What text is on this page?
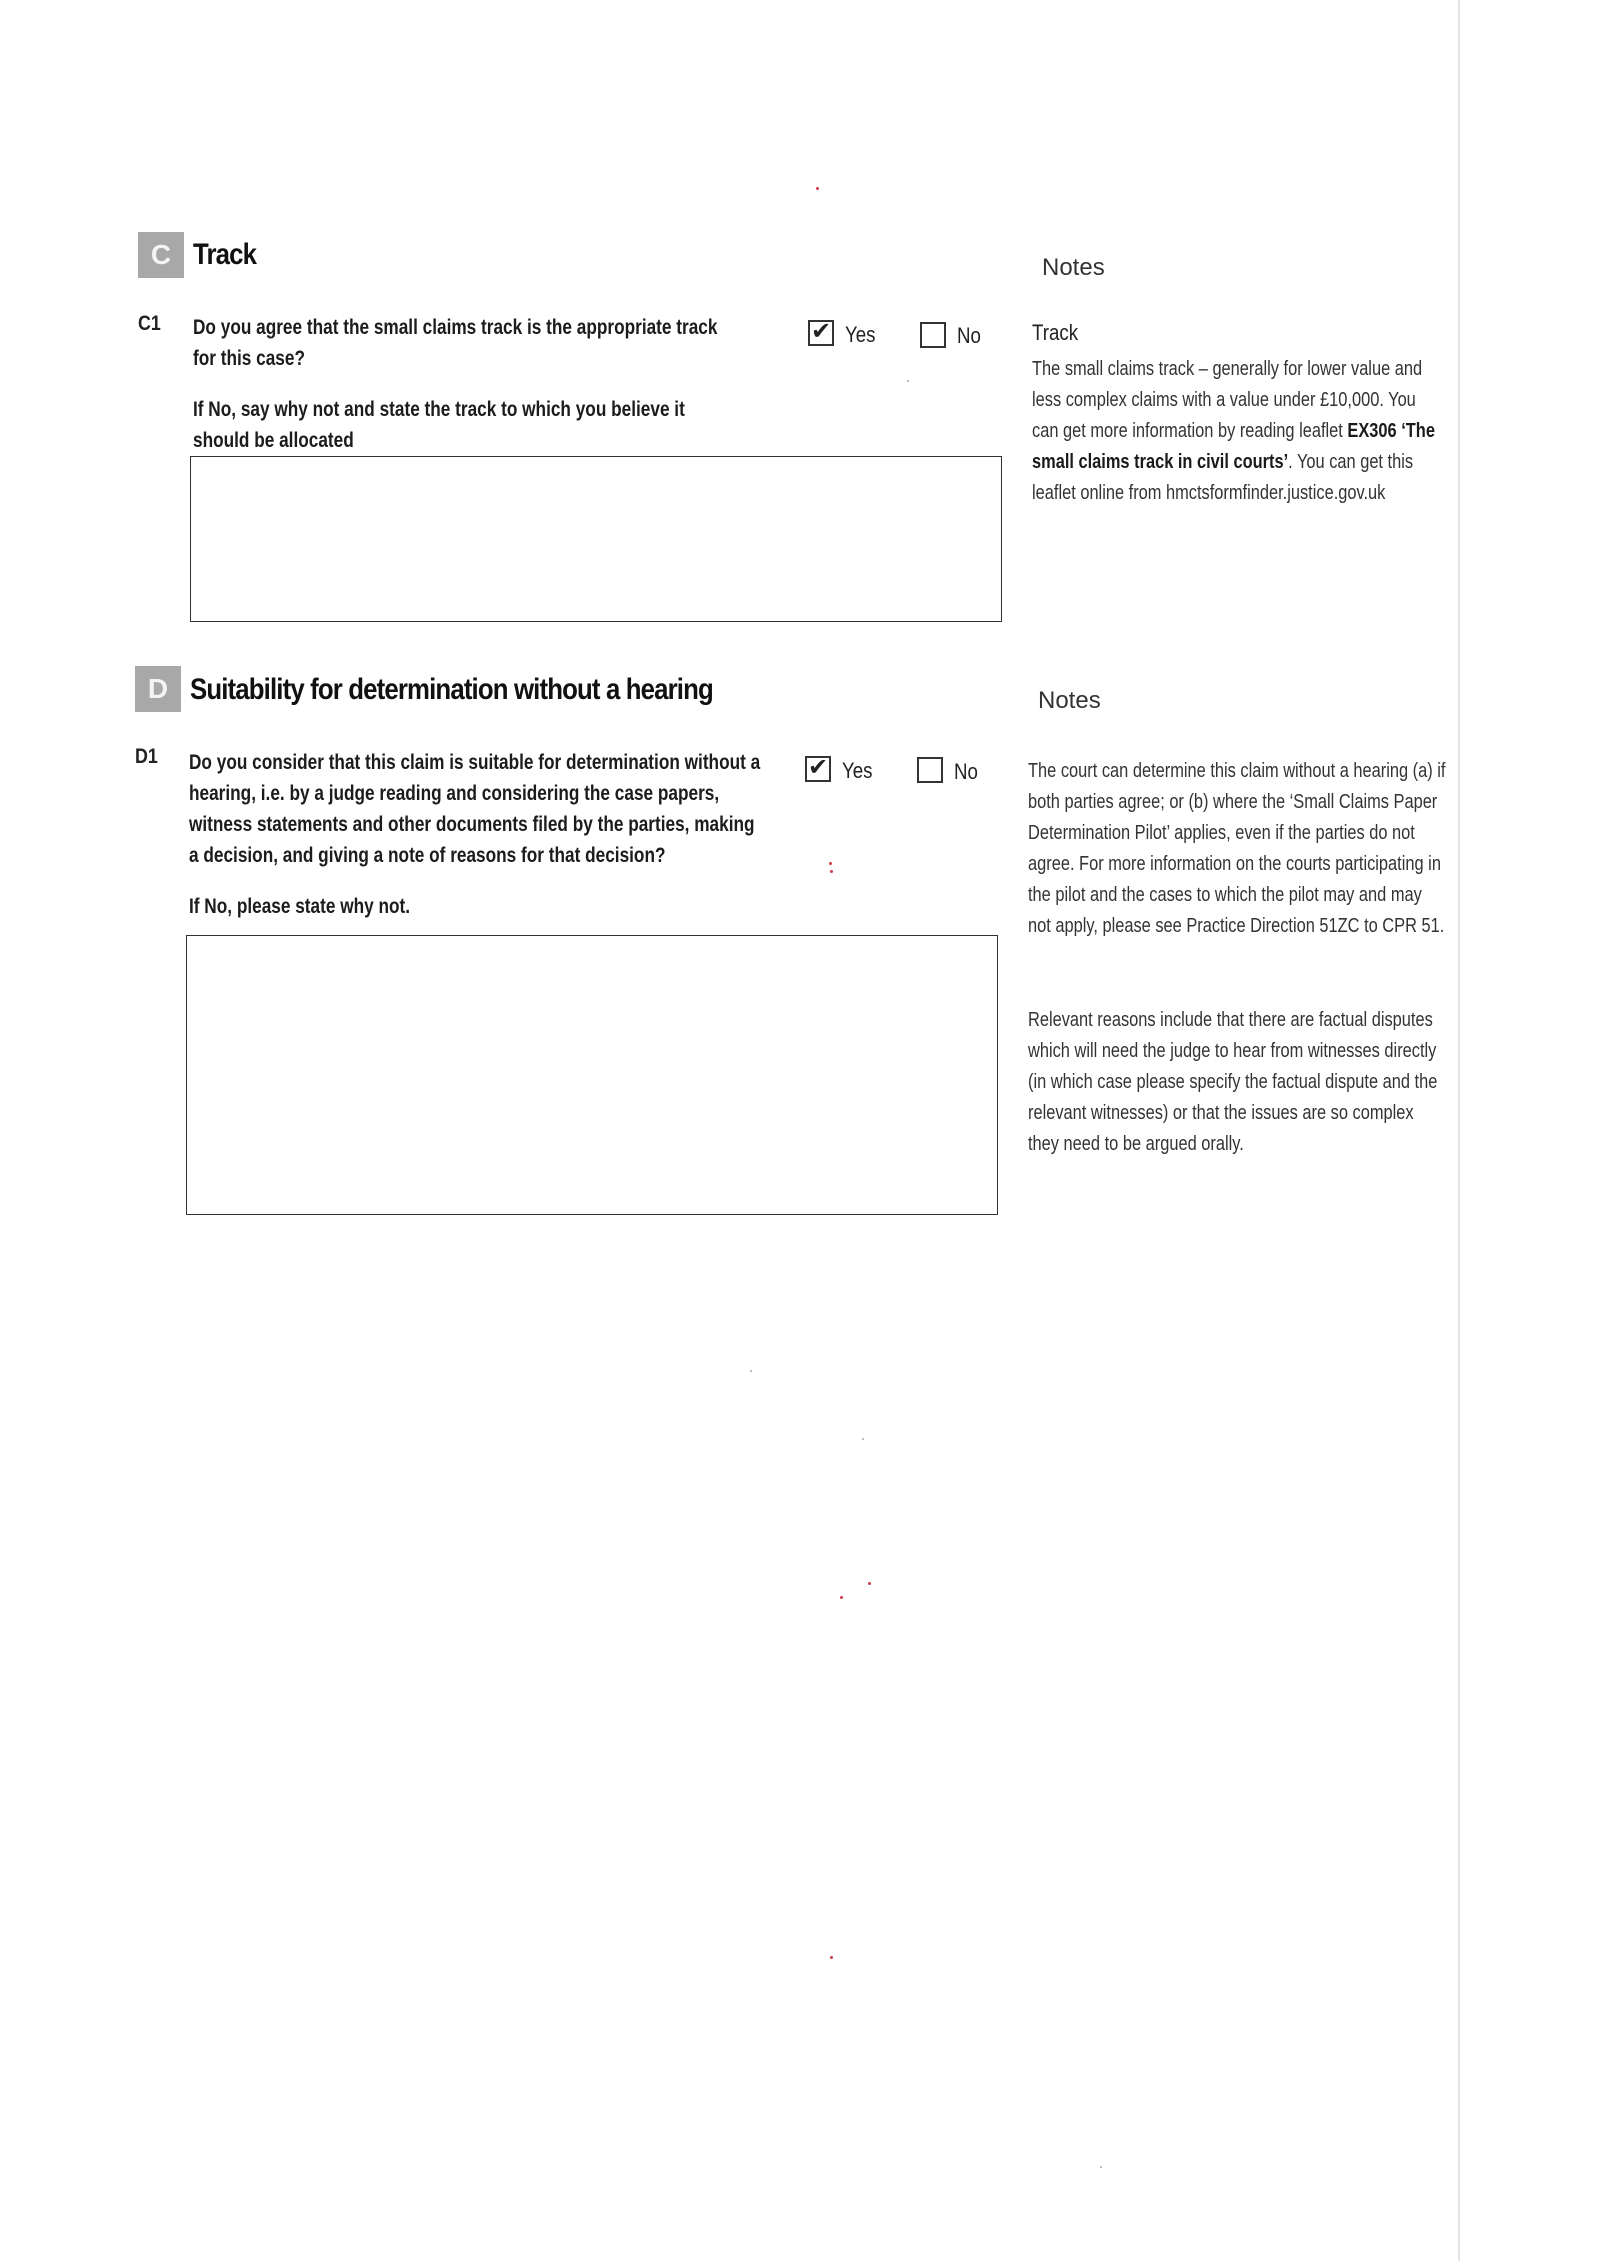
C Track	Notes
C1 Do you agree that the small claims track is the appropriate track for this case?
✔ Yes	No
If No, say why not and state the track to which you believe it should be allocated
Track
The small claims track – generally for lower value and less complex claims with a value under £10,000. You can get more information by reading leaflet EX306 ‘The small claims track in civil courts’. You can get this leaflet online from hmctsformfinder.justice.gov.uk
D Suitability for determination without a hearing	Notes
D1 Do you consider that this claim is suitable for determination without a hearing, i.e. by a judge reading and considering the case papers, witness statements and other documents filed by the parties, making a decision, and giving a note of reasons for that decision?
✔ Yes	No
If No, please state why not.
The court can determine this claim without a hearing (a) if both parties agree; or (b) where the ‘Small Claims Paper Determination Pilot’ applies, even if the parties do not agree. For more information on the courts participating in the pilot and the cases to which the pilot may and may not apply, please see Practice Direction 51ZC to CPR 51.
Relevant reasons include that there are factual disputes which will need the judge to hear from witnesses directly (in which case please specify the factual dispute and the relevant witnesses) or that the issues are so complex they need to be argued orally.
